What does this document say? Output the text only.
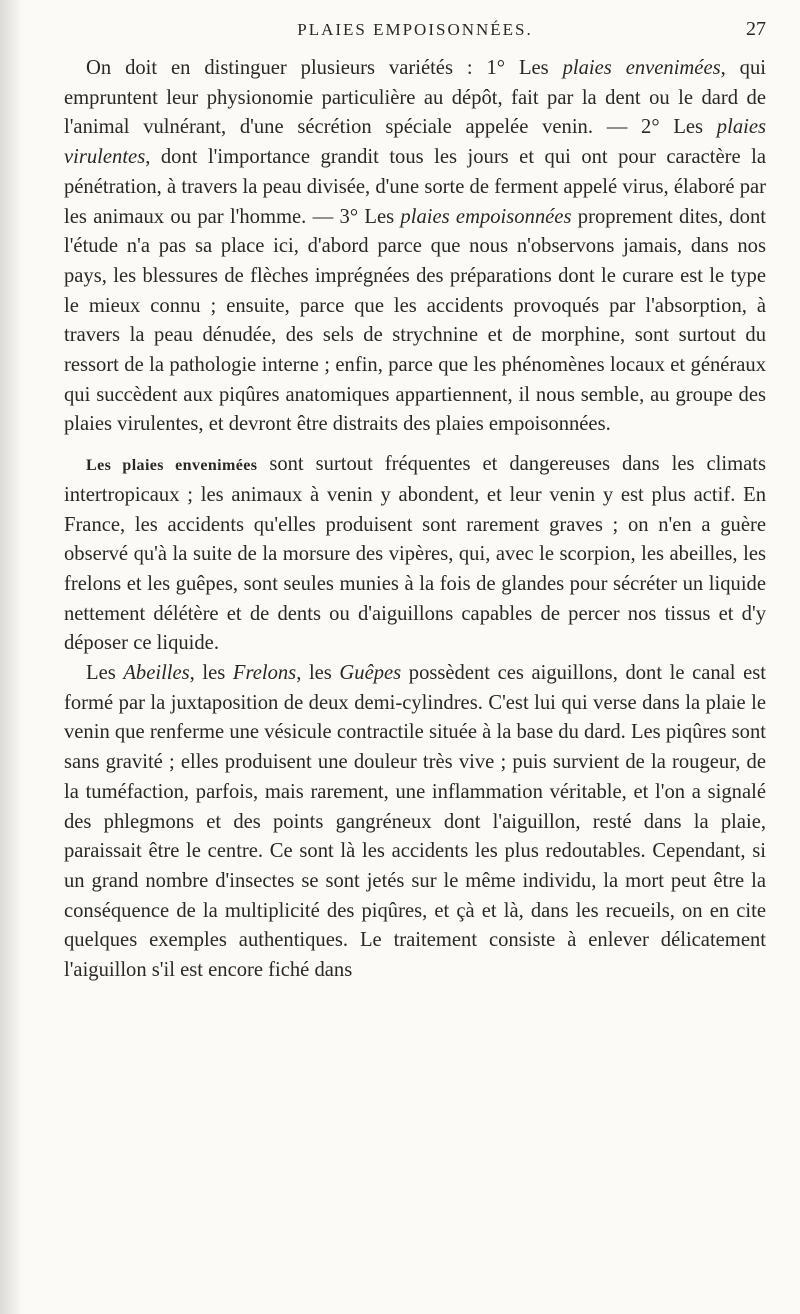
PLAIES EMPOISONNÉES.	27

On doit en distinguer plusieurs variétés : 1° Les plaies envenimées, qui empruntent leur physionomie particulière au dépôt, fait par la dent ou le dard de l'animal vulnérant, d'une sécrétion spéciale appelée venin. — 2° Les plaies virulentes, dont l'importance grandit tous les jours et qui ont pour caractère la pénétration, à travers la peau divisée, d'une sorte de ferment appelé virus, élaboré par les animaux ou par l'homme. — 3° Les plaies empoisonnées proprement dites, dont l'étude n'a pas sa place ici, d'abord parce que nous n'observons jamais, dans nos pays, les blessures de flèches imprégnées des préparations dont le curare est le type le mieux connu ; ensuite, parce que les accidents provoqués par l'absorption, à travers la peau dénudée, des sels de strychnine et de morphine, sont surtout du ressort de la pathologie interne ; enfin, parce que les phénomènes locaux et généraux qui succèdent aux piqûres anatomiques appartiennent, il nous semble, au groupe des plaies virulentes, et devront être distraits des plaies empoisonnées.

Les plaies envenimées sont surtout fréquentes et dangereuses dans les climats intertropicaux ; les animaux à venin y abondent, et leur venin y est plus actif. En France, les accidents qu'elles produisent sont rarement graves ; on n'en a guère observé qu'à la suite de la morsure des vipères, qui, avec le scorpion, les abeilles, les frelons et les guêpes, sont seules munies à la fois de glandes pour sécréter un liquide nettement délétère et de dents ou d'aiguillons capables de percer nos tissus et d'y déposer ce liquide.

Les Abeilles, les Frelons, les Guêpes possèdent ces aiguillons, dont le canal est formé par la juxtaposition de deux demi-cylindres. C'est lui qui verse dans la plaie le venin que renferme une vésicule contractile située à la base du dard. Les piqûres sont sans gravité ; elles produisent une douleur très vive ; puis survient de la rougeur, de la tuméfaction, parfois, mais rarement, une inflammation véritable, et l'on a signalé des phlegmons et des points gangréneux dont l'aiguillon, resté dans la plaie, paraissait être le centre. Ce sont là les accidents les plus redoutables. Cependant, si un grand nombre d'insectes se sont jetés sur le même individu, la mort peut être la conséquence de la multiplicité des piqûres, et çà et là, dans les recueils, on en cite quelques exemples authentiques. Le traitement consiste à enlever délicatement l'aiguillon s'il est encore fiché dans
